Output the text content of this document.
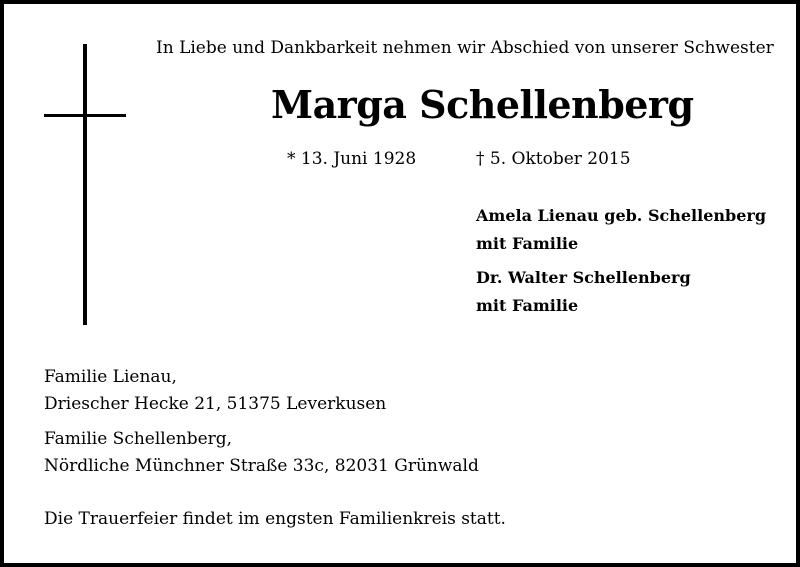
In Liebe und Dankbarkeit nehmen wir Abschied von unserer Schwester
Marga Schellenberg
* 13. Juni 1928	† 5. Oktober 2015
Amela Lienau geb. Schellenberg
mit Familie
Dr. Walter Schellenberg
mit Familie
Familie Lienau,
Driescher Hecke 21, 51375 Leverkusen
Familie Schellenberg,
Nördliche Münchner Straße 33c, 82031 Grünwald
Die Trauerfeier findet im engsten Familienkreis statt.
